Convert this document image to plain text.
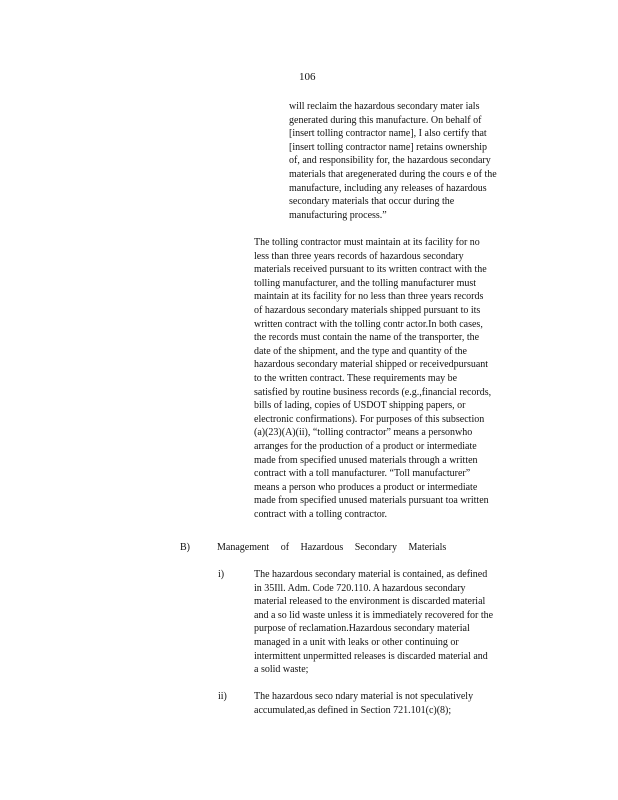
106
will reclaim the hazardous secondary mater ials
generated during this manufacture. On behalf of
[insert tolling contractor name], I also certify that
[insert tolling contractor name] retains ownership
of, and responsibility for, the hazardous secondary
materials that aregenerated during the cours e of the
manufacture, including any releases of hazardous
secondary materials that occur during the
manufacturing process.”
The tolling contractor must maintain at its facility for no
less than three years records of hazardous secondary
materials received pursuant to its written contract with the
tolling manufacturer, and the tolling manufacturer must
maintain at its facility for no less than three years records
of hazardous secondary materials shipped pursuant to its
written contract with the tolling contr actor.In both cases,
the records must contain the name of the transporter, the
date of the shipment, and the type and quantity of the
hazardous secondary material shipped or receivedpursuant
to the written contract. These requirements may be
satisfied by routine business records (e.g.,financial records,
bills of lading, copies of USDOT shipping papers, or
electronic confirmations). For purposes of this subsection
(a)(23)(A)(ii), “tolling contractor” means a personwho
arranges for the production of a product or intermediate
made from specified unused materials through a written
contract with a toll manufacturer. “Toll manufacturer”
means a person who produces a product or intermediate
made from specified unused materials pursuant toa written
contract with a tolling contractor.
B)	Management of Hazardous Secondary Materials
i)	The hazardous secondary material is contained, as defined
in 35Ill. Adm. Code 720.110. A hazardous secondary
material released to the environment is discarded material
and a so lid waste unless it is immediately recovered for the
purpose of reclamation.Hazardous secondary material
managed in a unit with leaks or other continuing or
intermittent unpermitted releases is discarded material and
a solid waste;
ii)	The hazardous seco ndary material is not speculatively
accumulated,as defined in Section 721.101(c)(8);
